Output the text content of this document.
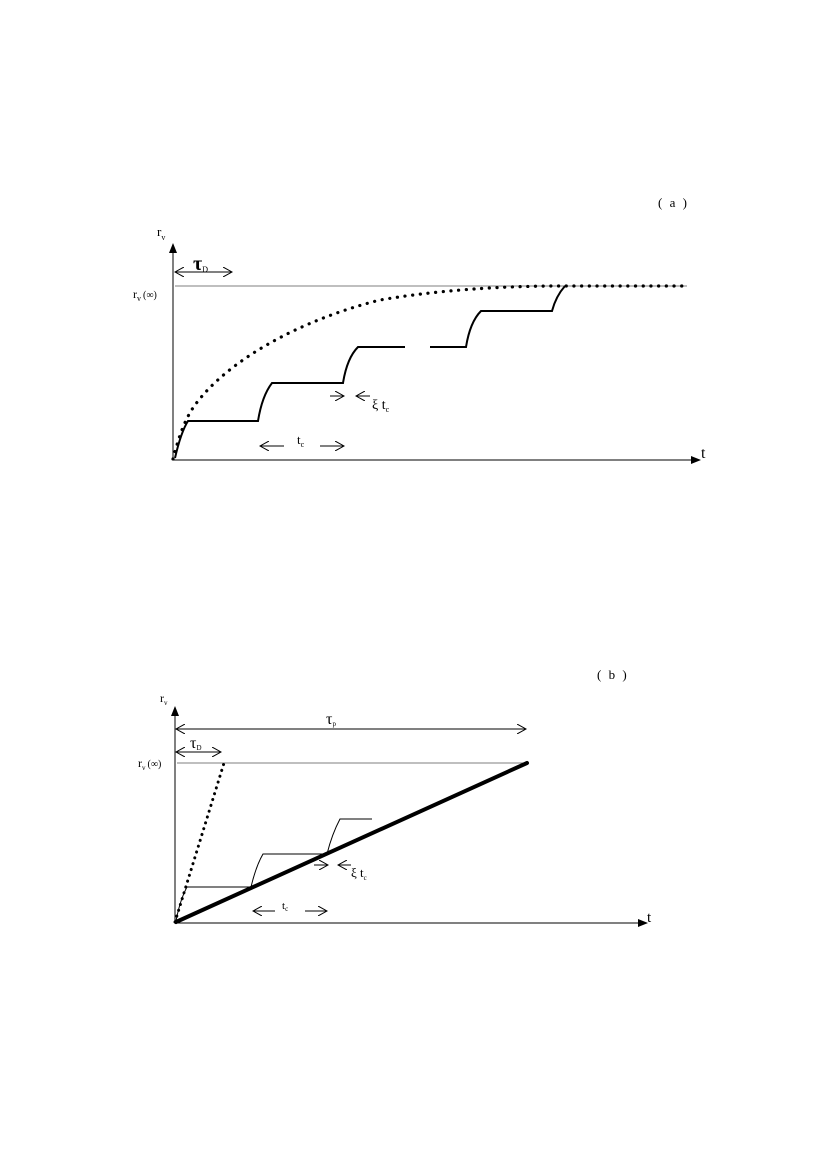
( a )
$r_v$
t
$r_v$ (∞)
τD
ξ $t_c$
$t_c$
( b )
$r_v$
t
τp
τD
$r_v$ (∞)
ξ $t_c$
tc
